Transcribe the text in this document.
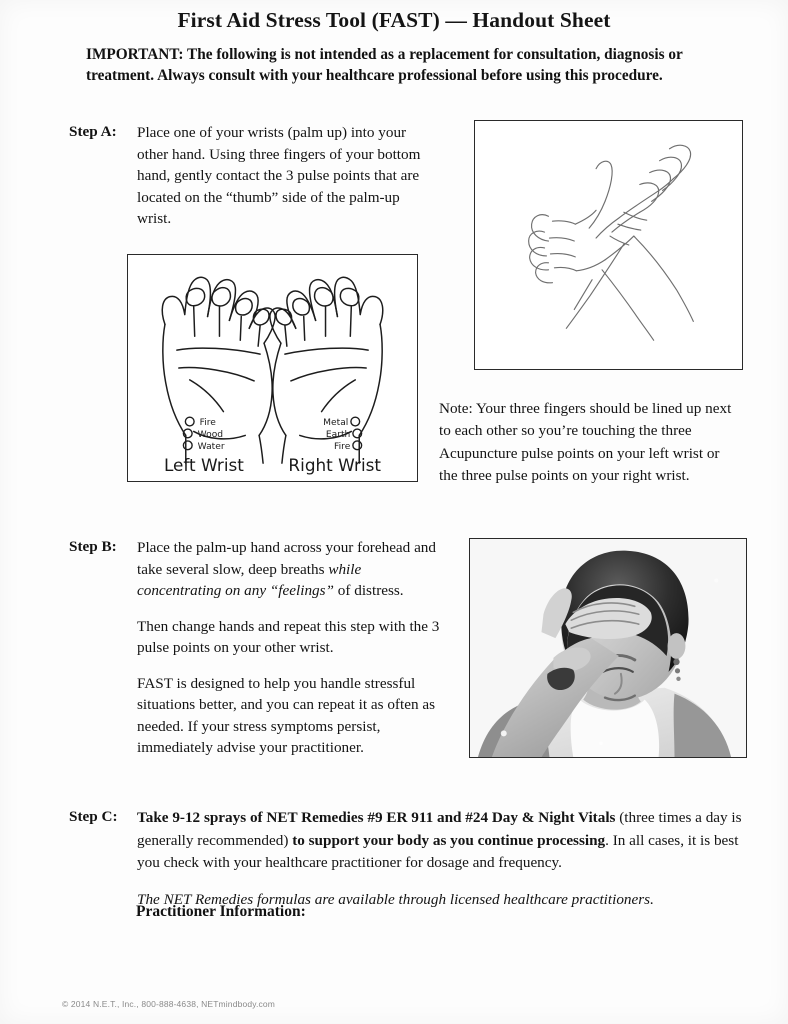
First Aid Stress Tool (FAST) — Handout Sheet
IMPORTANT: The following is not intended as a replacement for consultation, diagnosis or treatment. Always consult with your healthcare professional before using this procedure.
Step A: Place one of your wrists (palm up) into your other hand. Using three fingers of your bottom hand, gently contact the 3 pulse points that are located on the “thumb” side of the palm-up wrist.

Fire
Wood
Water
Left Wrist
Metal
Earth
Fire
Right Wrist
Note: Your three fingers should be lined up next to each other so you’re touching the three Acupuncture pulse points on your left wrist or the three pulse points on your right wrist.
Step B: Place the palm-up hand across your forehead and take several slow, deep breaths while concentrating on any “feelings” of distress.

Then change hands and repeat this step with the 3 pulse points on your other wrist.

FAST is designed to help you handle stressful situations better, and you can repeat it as often as needed. If your stress symptoms persist, immediately advise your practitioner.

Step C: Take 9-12 sprays of NET Remedies #9 ER 911 and #24 Day & Night Vitals (three times a day is generally recommended) to support your body as you continue processing. In all cases, it is best you check with your healthcare practitioner for dosage and frequency.

The NET Remedies formulas are available through licensed healthcare practitioners.

Practitioner Information:
© 2014 N.E.T., Inc., 800-888-4638, NETmindbody.com
